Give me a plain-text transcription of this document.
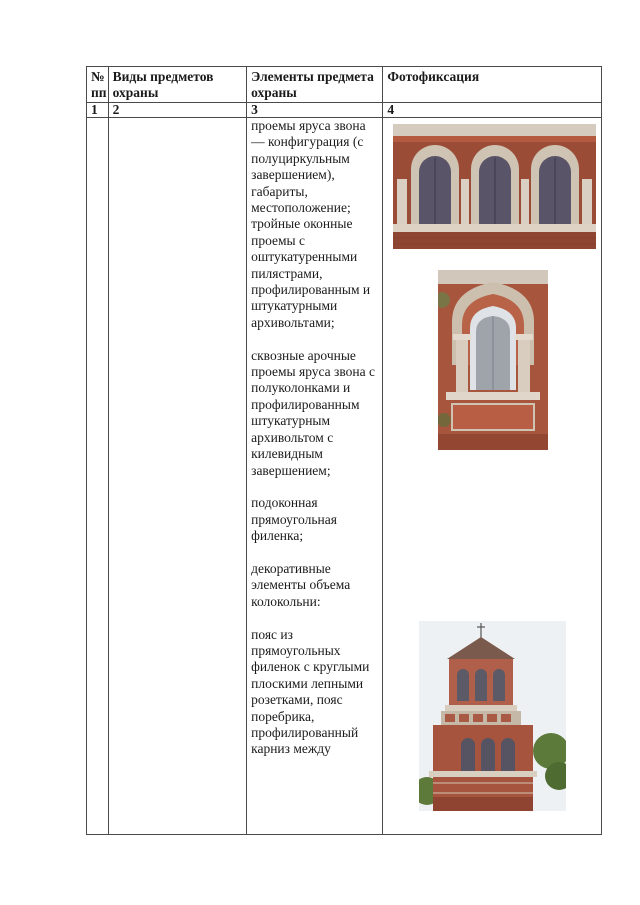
№ пп	Виды предметов охраны	Элементы предмета охраны	Фотофиксация
1	2	3	4

		проемы яруса звона — конфигурация (с полуциркульным завершением), габариты, местоположение; тройные оконные проемы с оштукатуренными пилястрами, профилированным и штукатурными архивольтами;
сквозные арочные проемы яруса звона с полуколонками и профилированным штукатурным архивольтом с килевидным завершением;
подоконная прямоугольная филенка;
декоративные элементы объема колокольни:
пояс из прямоугольных филенок с круглыми плоскими лепными розетками, пояс поребрика, профилированный карниз между
